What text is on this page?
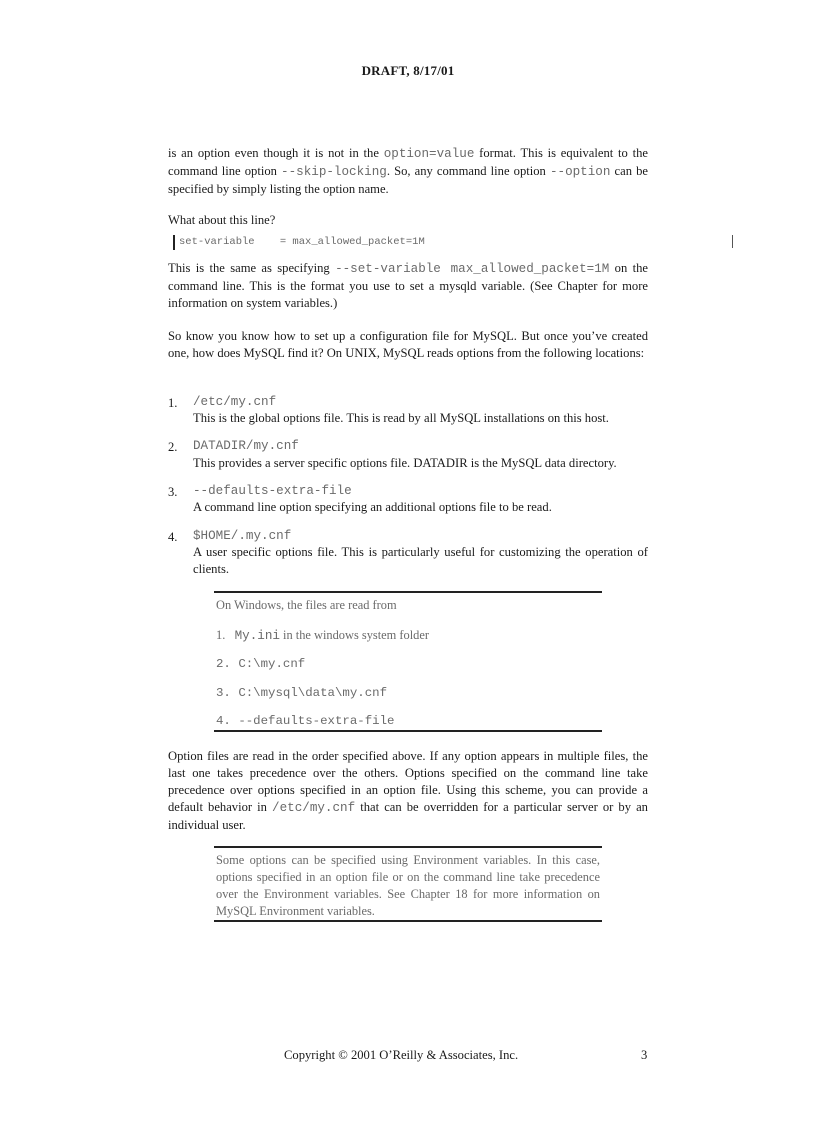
DRAFT, 8/17/01
is an option even though it is not in the option=value format. This is equivalent to the command line option --skip-locking. So, any command line option --option can be specified by simply listing the option name.
What about this line?
set-variable    = max_allowed_packet=1M
This is the same as specifying --set-variable max_allowed_packet=1M on the command line. This is the format you use to set a mysqld variable. (See Chapter for more information on system variables.)
So know you know how to set up a configuration file for MySQL. But once you’ve created one, how does MySQL find it? On UNIX, MySQL reads options from the following locations:
1. /etc/my.cnf
This is the global options file. This is read by all MySQL installations on this host.
2. DATADIR/my.cnf
This provides a server specific options file. DATADIR is the MySQL data directory.
3. --defaults-extra-file
A command line option specifying an additional options file to be read.
4. $HOME/.my.cnf
A user specific options file. This is particularly useful for customizing the operation of clients.
On Windows, the files are read from
1. My.ini in the windows system folder
2. C:\my.cnf
3. C:\mysql\data\my.cnf
4. --defaults-extra-file
Option files are read in the order specified above. If any option appears in multiple files, the last one takes precedence over the others. Options specified on the command line take precedence over options specified in an option file. Using this scheme, you can provide a default behavior in /etc/my.cnf that can be overridden for a particular server or by an individual user.
Some options can be specified using Environment variables. In this case, options specified in an option file or on the command line take precedence over the Environment variables. See Chapter 18 for more information on MySQL Environment variables.
Copyright © 2001 O’Reilly & Associates, Inc.	3
